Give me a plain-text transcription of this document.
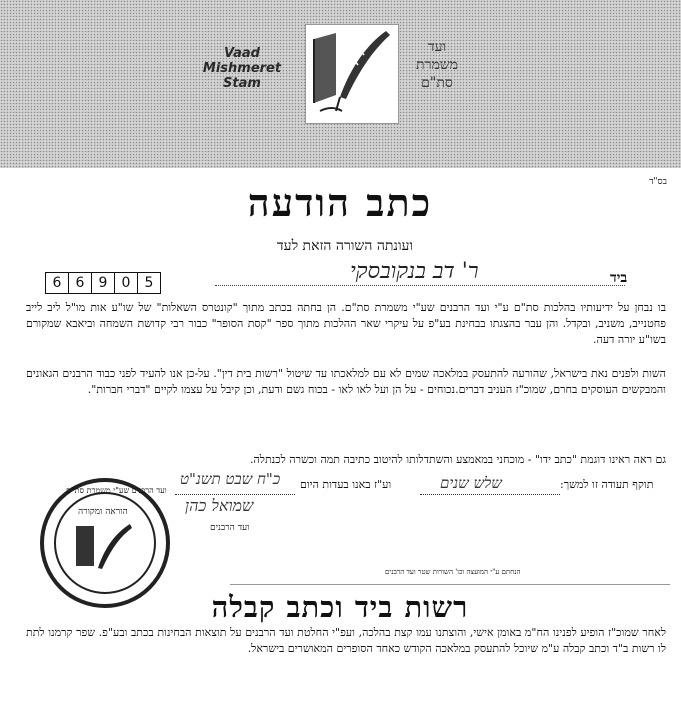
Vaad
Mishmeret
Stam
ועד
משמרת
סת"ם
בס"ד
כתב הודעה
ועונתה השורה הזאת לעד
6	6	9	0	5	ר' דב בנקובסקי	ביד
בו נבחן על ידיעותיו בהלכות סת"ם ע"י ועד הרבנים שע"י משמרת סת"ם. הן בחתה בכתב מתוך "קונטרס השאלות" של שו"ע אות מו"ל ליב לייב פחטנייב, משניב, ובקדל. והן עבר בהצגתו בבחינת בע"פ על עיקרי שאר ההלכות מתוך ספר "קסת הסופר" כבור רבי קדושת השמחה וביאבא שמקורם בשו"ע יורה דעה.
השות ולפנים נאת בישראל, שהורעה להתעסק במלאכה שמים לא עם למלאכתו עד שיטול "רשות בית דין". על-כן אנו להעיד לפני כבוד הרבנים הגאונים והמבקשים העוסקים בחרם, שמוכ"ז העניב דברים.נכוחים - על הן ועל לאו לאו - בכוח גשם ודעת, וכן קיבל על עצמו לקיים "דברי חברות".
גם ראה ראינו דוגמת "כתב ידו" - מוכחני במאמצע והשתדלותו להיטוב כתיבה תמה וכשרה לכנתלה.
תוקף תעודה זו למשך:
שלש שנים
וע"ז באנו בעדות היום
כ"ח שבט תשנ"ט
שמואל כהן
ועד הרבנים
ועד הרבנים שע"י משמרת סת"ם
הוראה ומקורה
הנחתם ע"י המועצה וכו' השורות שטר ועד הרבנים
רשות ביד וכתב קבלה
לאחר שמוכ"ז הופיע לפנינו הח"מ באומן אישי, והוצתנו עמו קצת בהלכה, ועפ"י החלטת ועד הרבנים על תוצאות הבחינות בכתב ובע"פ. שפר קרמנו לתת לו רשות ב"ד וכתב קבלה ע"מ שיוכל להתעסק במלאכה הקודש כאחד הסופרים המאושרים בישראל.
